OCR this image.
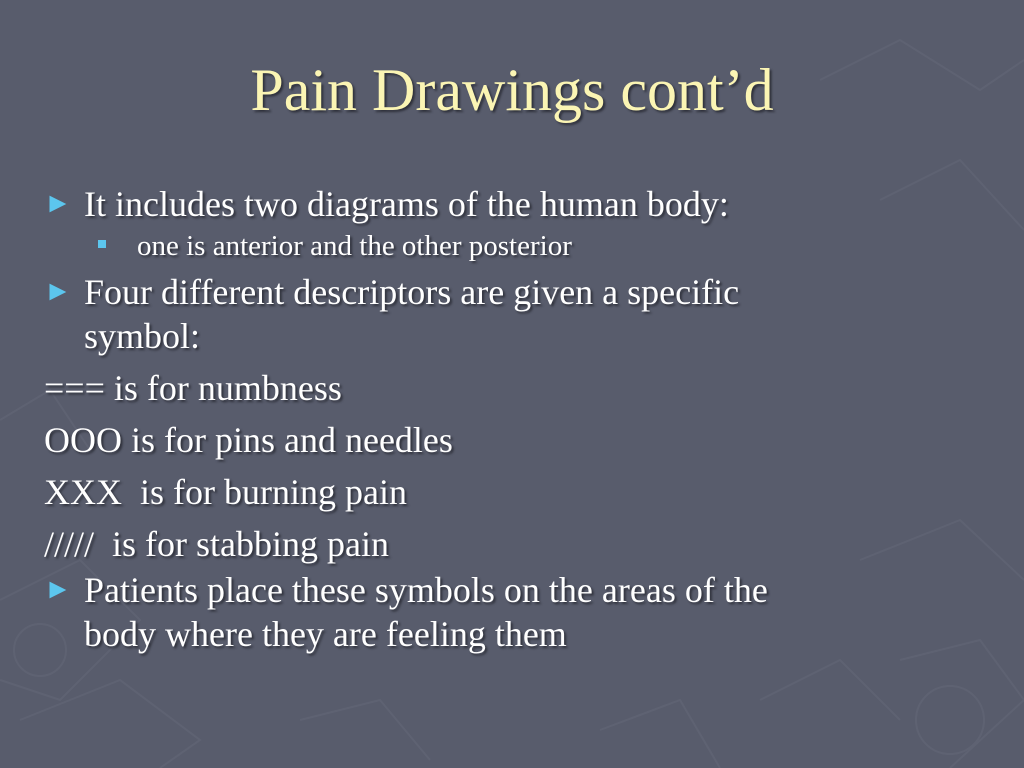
Pain Drawings cont’d
► It includes two diagrams of the human body:
one is anterior and the other posterior
► Four different descriptors are given a specific
symbol:
=== is for numbness
OOO is for pins and needles
XXX  is for burning pain
/////  is for stabbing pain
► Patients place these symbols on the areas of the
body where they are feeling them
